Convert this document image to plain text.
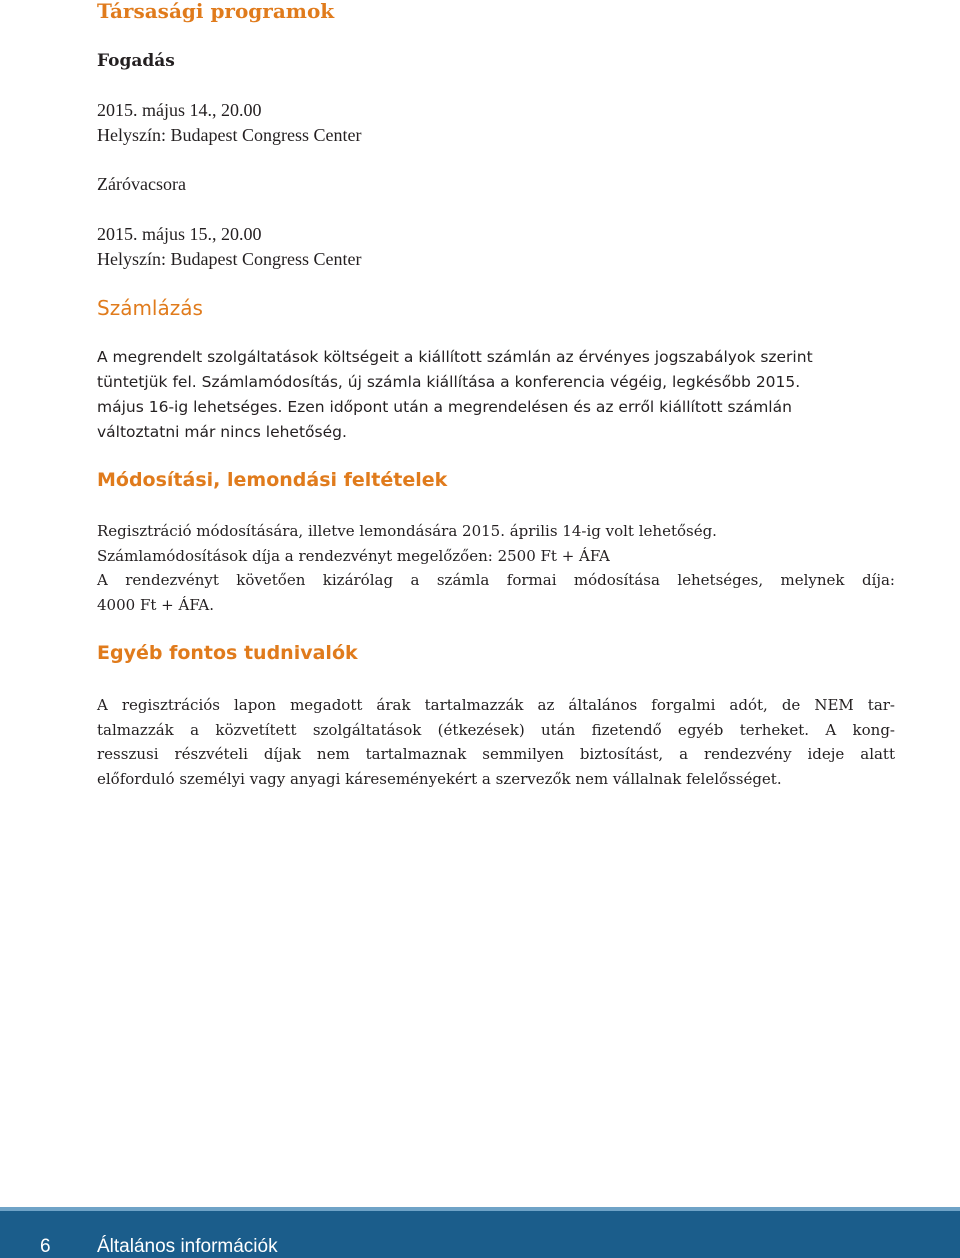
Társasági programok

Fogadás

2015. május 14., 20.00

Helyszín: Budapest Congress Center

Záróvacsora

2015. május 15., 20.00

Helyszín: Budapest Congress Center

Számlázás
A megrendelt szolgáltatások költségeit a kiállított számlán az érvényes jogszabályok szerint
tüntetjük fel. Számlamódosítás, új számla kiállítása a konferencia végéig, legkésőbb 2015.
május 16-ig lehetséges. Ezen időpont után a megrendelésen és az erről kiállított számlán
változtatni már nincs lehetőség.
Módosítási, lemondási feltételek
Regisztráció módosítására, illetve lemondására 2015. április 14-ig volt lehetőség.
Számlamódosítások díja a rendezvényt megelőzően: 2500 Ft + ÁFA
A rendezvényt követően kizárólag a számla formai módosítása lehetséges, melynek díja:
4000 Ft + ÁFA.
Egyéb fontos tudnivalók
A regisztrációs lapon megadott árak tartalmazzák az általános forgalmi adót, de NEM tar-
talmazzák a közvetített szolgáltatások (étkezések) után fizetendő egyéb terheket. A kong-
resszusi részvételi díjak nem tartalmaznak semmilyen biztosítást, a rendezvény ideje alatt
előforduló személyi vagy anyagi káreseményekért a szervezők nem vállalnak felelősséget.

6 Általános információk
